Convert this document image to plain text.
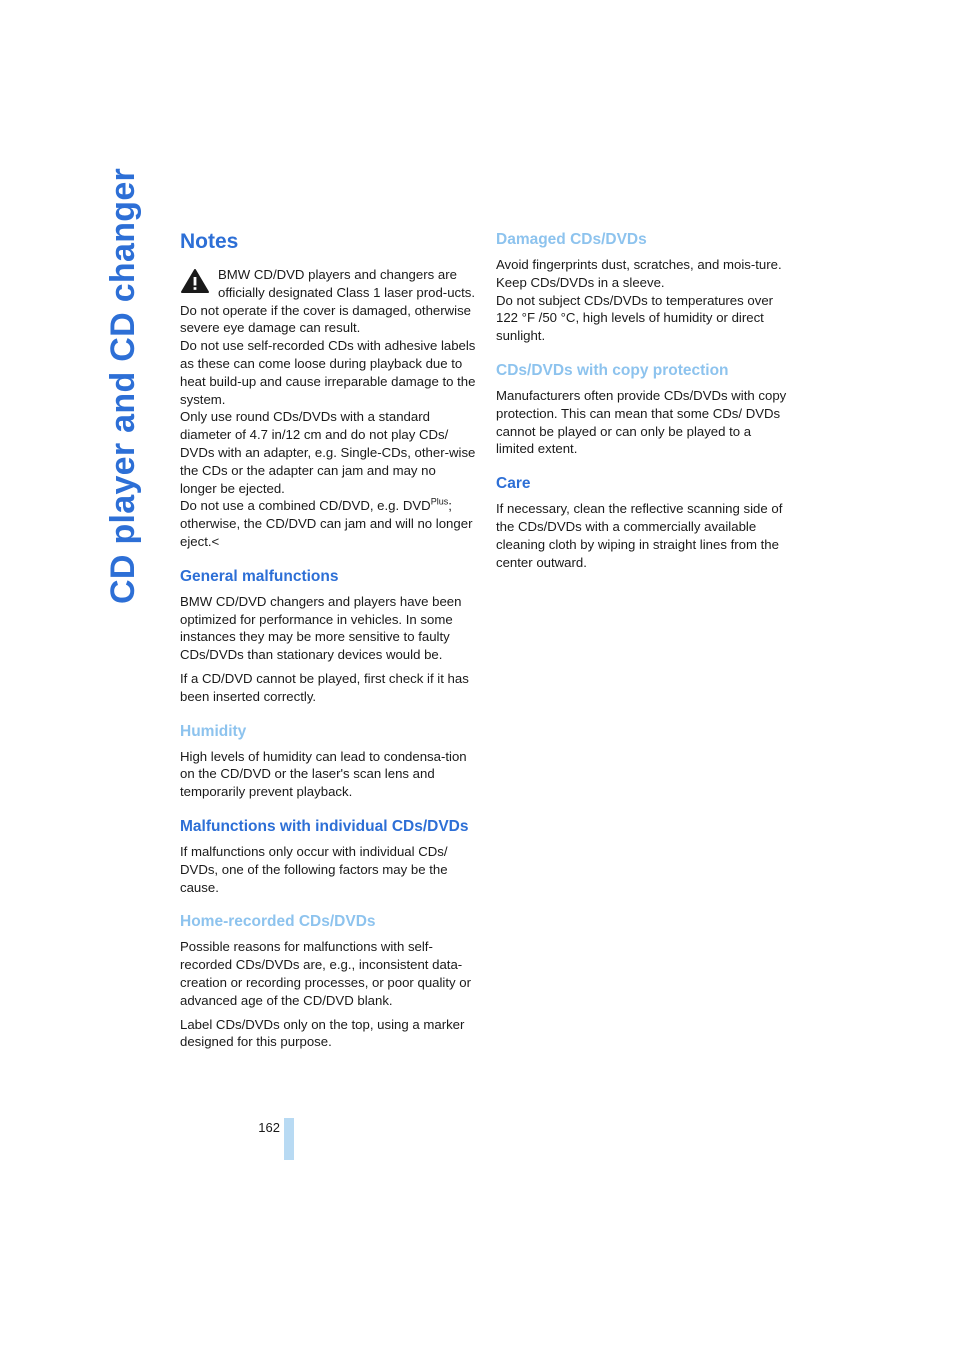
CD player and CD changer Notes

BMW CD/DVD players and changers are officially designated Class 1 laser prod-ucts. Do not operate if the cover is damaged, otherwise severe eye damage can result.
Do not use self-recorded CDs with adhesive labels as these can come loose during playback due to heat build-up and cause irreparable damage to the system.
Only use round CDs/DVDs with a standard diameter of 4.7 in/12 cm and do not play CDs/ DVDs with an adapter, e.g. Single-CDs, other-wise the CDs or the adapter can jam and may no longer be ejected.
Do not use a combined CD/DVD, e.g. $DVD^{Plus}$; otherwise, the CD/DVD can jam and will no longer eject.<

General malfunctions

BMW CD/DVD changers and players have been optimized for performance in vehicles. In some instances they may be more sensitive to faulty CDs/DVDs than stationary devices would be.

If a CD/DVD cannot be played, first check if it has been inserted correctly.

Humidity

High levels of humidity can lead to condensa-tion on the CD/DVD or the laser's scan lens and temporarily prevent playback.

Malfunctions with individual CDs/DVDs

If malfunctions only occur with individual CDs/ DVDs, one of the following factors may be the cause.

Home-recorded CDs/DVDs

Possible reasons for malfunctions with self-recorded CDs/DVDs are, e.g., inconsistent data-creation or recording processes, or poor quality or advanced age of the CD/DVD blank.

Label CDs/DVDs only on the top, using a marker designed for this purpose.

Damaged CDs/DVDs

Avoid fingerprints dust, scratches, and mois-ture.
Keep CDs/DVDs in a sleeve.
Do not subject CDs/DVDs to temperatures over 122 °F /50 °C, high levels of humidity or direct sunlight.

CDs/DVDs with copy protection

Manufacturers often provide CDs/DVDs with copy protection. This can mean that some CDs/ DVDs cannot be played or can only be played to a limited extent.

Care

If necessary, clean the reflective scanning side of the CDs/DVDs with a commercially available cleaning cloth by wiping in straight lines from the center outward.

162
